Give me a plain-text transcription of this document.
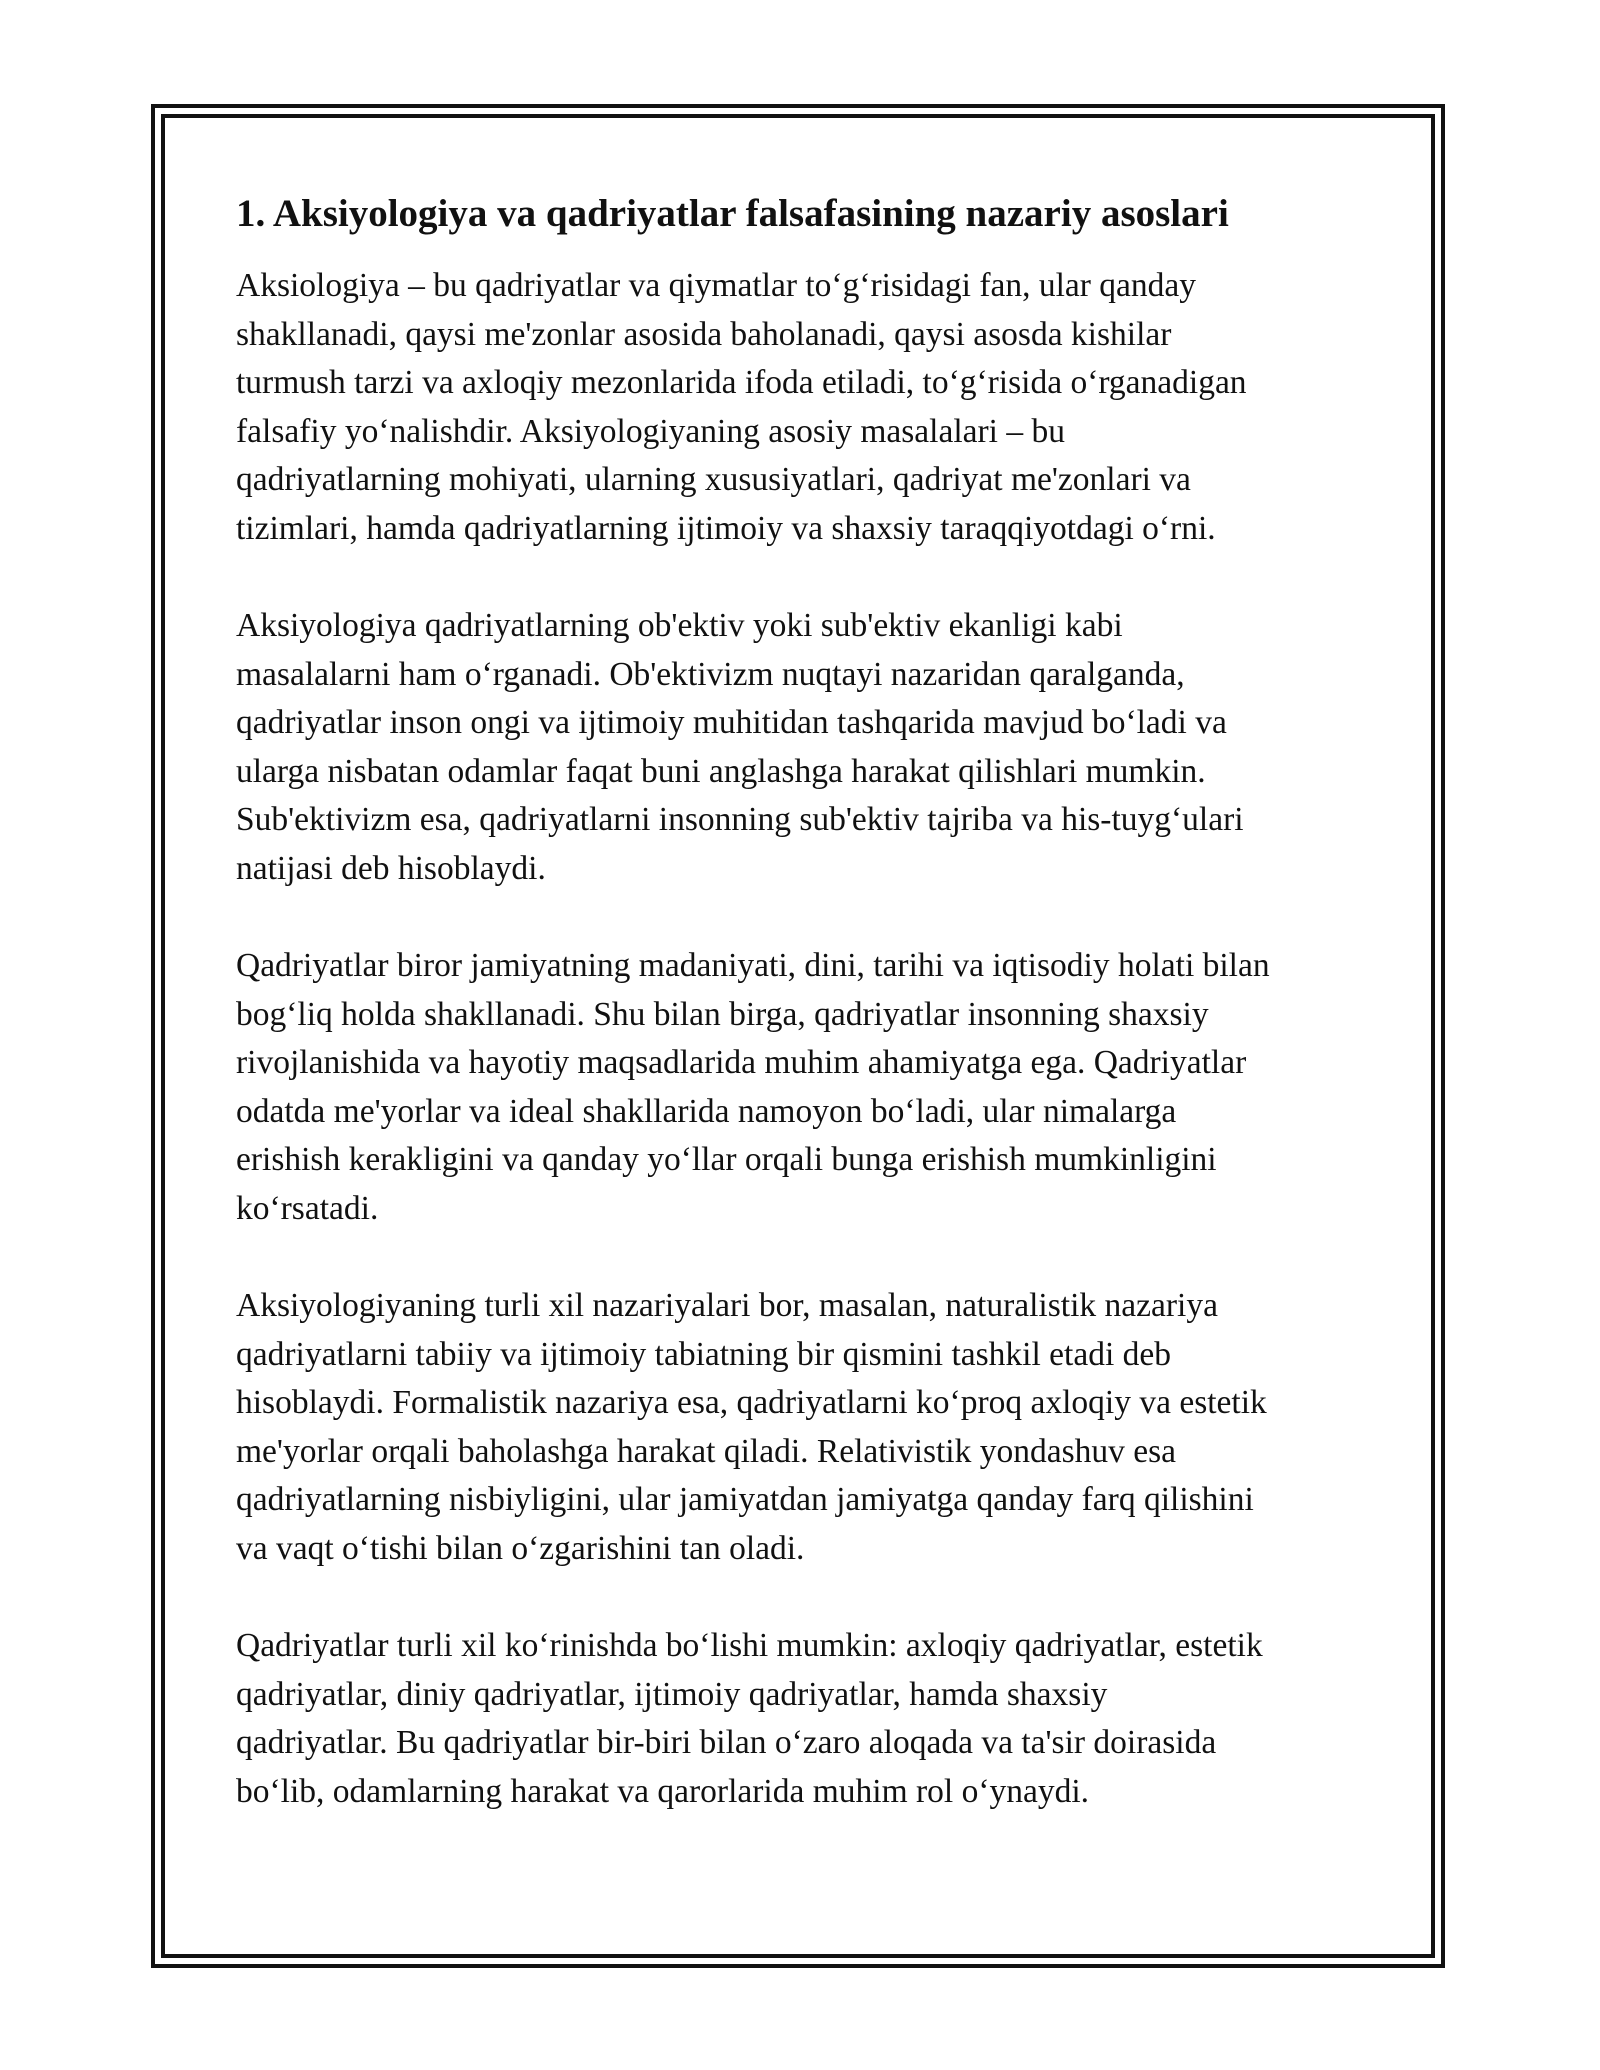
1. Aksiyologiya va qadriyatlar falsafasining nazariy asoslari
Aksiologiya – bu qadriyatlar va qiymatlar to‘g‘risidagi fan, ular qanday
shakllanadi, qaysi me'zonlar asosida baholanadi, qaysi asosda kishilar
turmush tarzi va axloqiy mezonlarida ifoda etiladi, to‘g‘risida o‘rganadigan
falsafiy yo‘nalishdir. Aksiyologiyaning asosiy masalalari – bu
qadriyatlarning mohiyati, ularning xususiyatlari, qadriyat me'zonlari va
tizimlari, hamda qadriyatlarning ijtimoiy va shaxsiy taraqqiyotdagi o‘rni.
Aksiyologiya qadriyatlarning ob'ektiv yoki sub'ektiv ekanligi kabi
masalalarni ham o‘rganadi. Ob'ektivizm nuqtayi nazaridan qaralganda,
qadriyatlar inson ongi va ijtimoiy muhitidan tashqarida mavjud bo‘ladi va
ularga nisbatan odamlar faqat buni anglashga harakat qilishlari mumkin.
Sub'ektivizm esa, qadriyatlarni insonning sub'ektiv tajriba va his-tuyg‘ulari
natijasi deb hisoblaydi.
Qadriyatlar biror jamiyatning madaniyati, dini, tarihi va iqtisodiy holati bilan
bog‘liq holda shakllanadi. Shu bilan birga, qadriyatlar insonning shaxsiy
rivojlanishida va hayotiy maqsadlarida muhim ahamiyatga ega. Qadriyatlar
odatda me'yorlar va ideal shakllarida namoyon bo‘ladi, ular nimalarga
erishish kerakligini va qanday yo‘llar orqali bunga erishish mumkinligini
ko‘rsatadi.
Aksiyologiyaning turli xil nazariyalari bor, masalan, naturalistik nazariya
qadriyatlarni tabiiy va ijtimoiy tabiatning bir qismini tashkil etadi deb
hisoblaydi. Formalistik nazariya esa, qadriyatlarni ko‘proq axloqiy va estetik
me'yorlar orqali baholashga harakat qiladi. Relativistik yondashuv esa
qadriyatlarning nisbiyligini, ular jamiyatdan jamiyatga qanday farq qilishini
va vaqt o‘tishi bilan o‘zgarishini tan oladi.
Qadriyatlar turli xil ko‘rinishda bo‘lishi mumkin: axloqiy qadriyatlar, estetik
qadriyatlar, diniy qadriyatlar, ijtimoiy qadriyatlar, hamda shaxsiy
qadriyatlar. Bu qadriyatlar bir-biri bilan o‘zaro aloqada va ta'sir doirasida
bo‘lib, odamlarning harakat va qarorlarida muhim rol o‘ynaydi.
